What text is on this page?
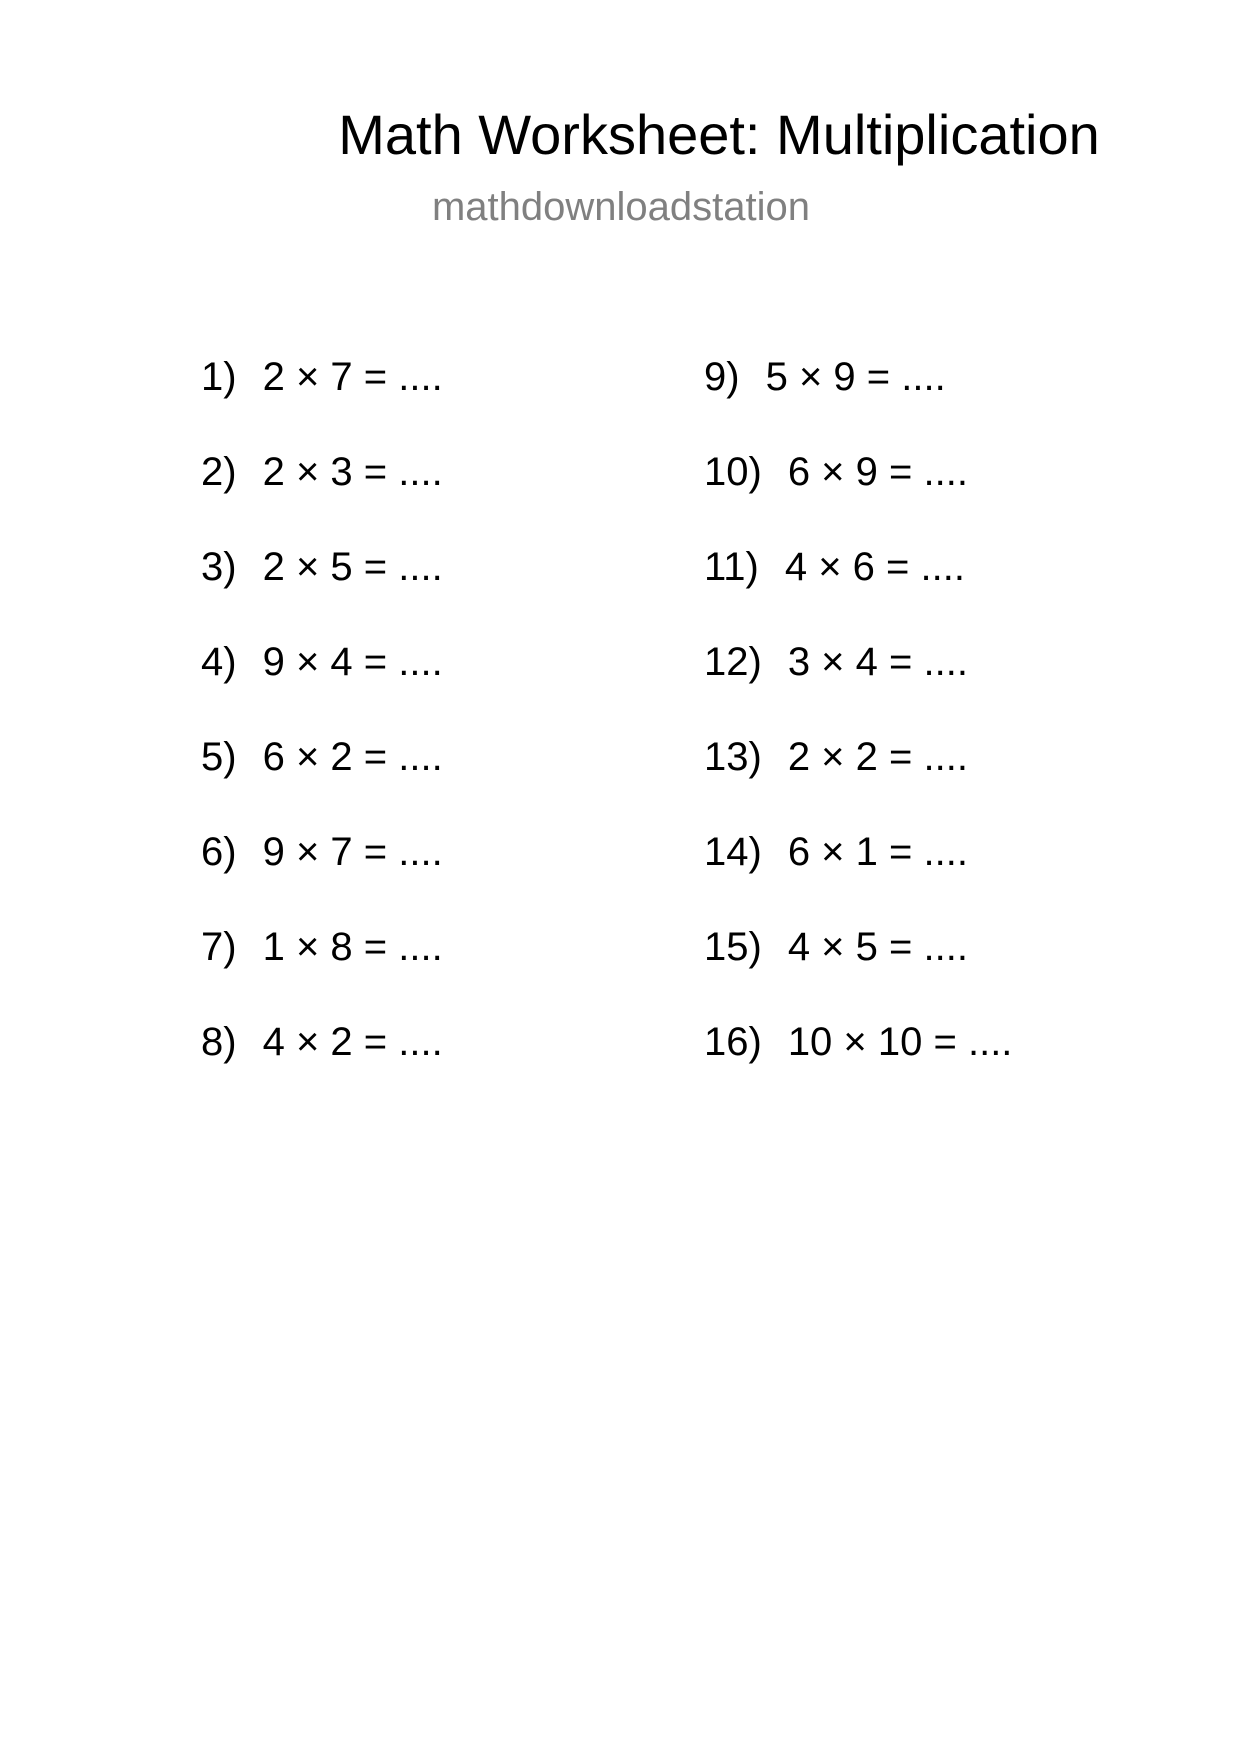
Math Worksheet: Multiplication
mathdownloadstation
1) 2 × 7 = ....
2) 2 × 3 = ....
3) 2 × 5 = ....
4) 9 × 4 = ....
5) 6 × 2 = ....
6) 9 × 7 = ....
7) 1 × 8 = ....
8) 4 × 2 = ....
9) 5 × 9 = ....
10) 6 × 9 = ....
11) 4 × 6 = ....
12) 3 × 4 = ....
13) 2 × 2 = ....
14) 6 × 1 = ....
15) 4 × 5 = ....
16) 10 × 10 = ....
